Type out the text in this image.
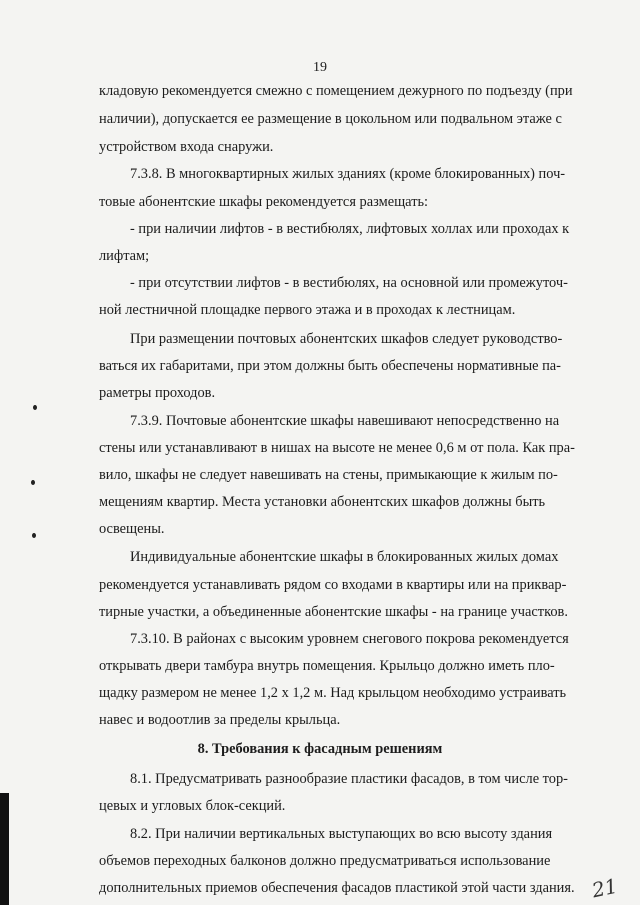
19
кладовую рекомендуется смежно с помещением дежурного по подъезду (при
наличии), допускается ее размещение в цокольном или подвальном этаже с
устройством входа снаружи.
7.3.8. В многоквартирных жилых зданиях (кроме блокированных) поч-
товые абонентские шкафы рекомендуется размещать:
- при наличии лифтов - в вестибюлях, лифтовых холлах или проходах к
лифтам;
- при отсутствии лифтов - в вестибюлях, на основной или промежуточ-
ной лестничной площадке первого этажа и в проходах к лестницам.
При размещении почтовых абонентских шкафов следует руководство-
ваться их габаритами, при этом должны быть обеспечены нормативные па-
раметры проходов.
7.3.9. Почтовые абонентские шкафы навешивают непосредственно на
стены или устанавливают в нишах на высоте не менее 0,6 м от пола. Как пра-
вило, шкафы не следует навешивать на стены, примыкающие к жилым по-
мещениям квартир. Места установки абонентских шкафов должны быть
освещены.
Индивидуальные абонентские шкафы в блокированных жилых домах
рекомендуется устанавливать рядом со входами в квартиры или на приквар-
тирные участки, а объединенные абонентские шкафы - на границе участков.
7.3.10. В районах с высоким уровнем снегового покрова рекомендуется
открывать двери тамбура внутрь помещения. Крыльцо должно иметь пло-
щадку размером не менее 1,2 х 1,2 м. Над крыльцом необходимо устраивать
навес и водоотлив за пределы крыльца.
8. Требования к фасадным решениям
8.1. Предусматривать разнообразие пластики фасадов, в том числе тор-
цевых и угловых блок-секций.
8.2. При наличии вертикальных выступающих во всю высоту здания
объемов переходных балконов должно предусматриваться использование
дополнительных приемов обеспечения фасадов пластикой этой части здания. 21
